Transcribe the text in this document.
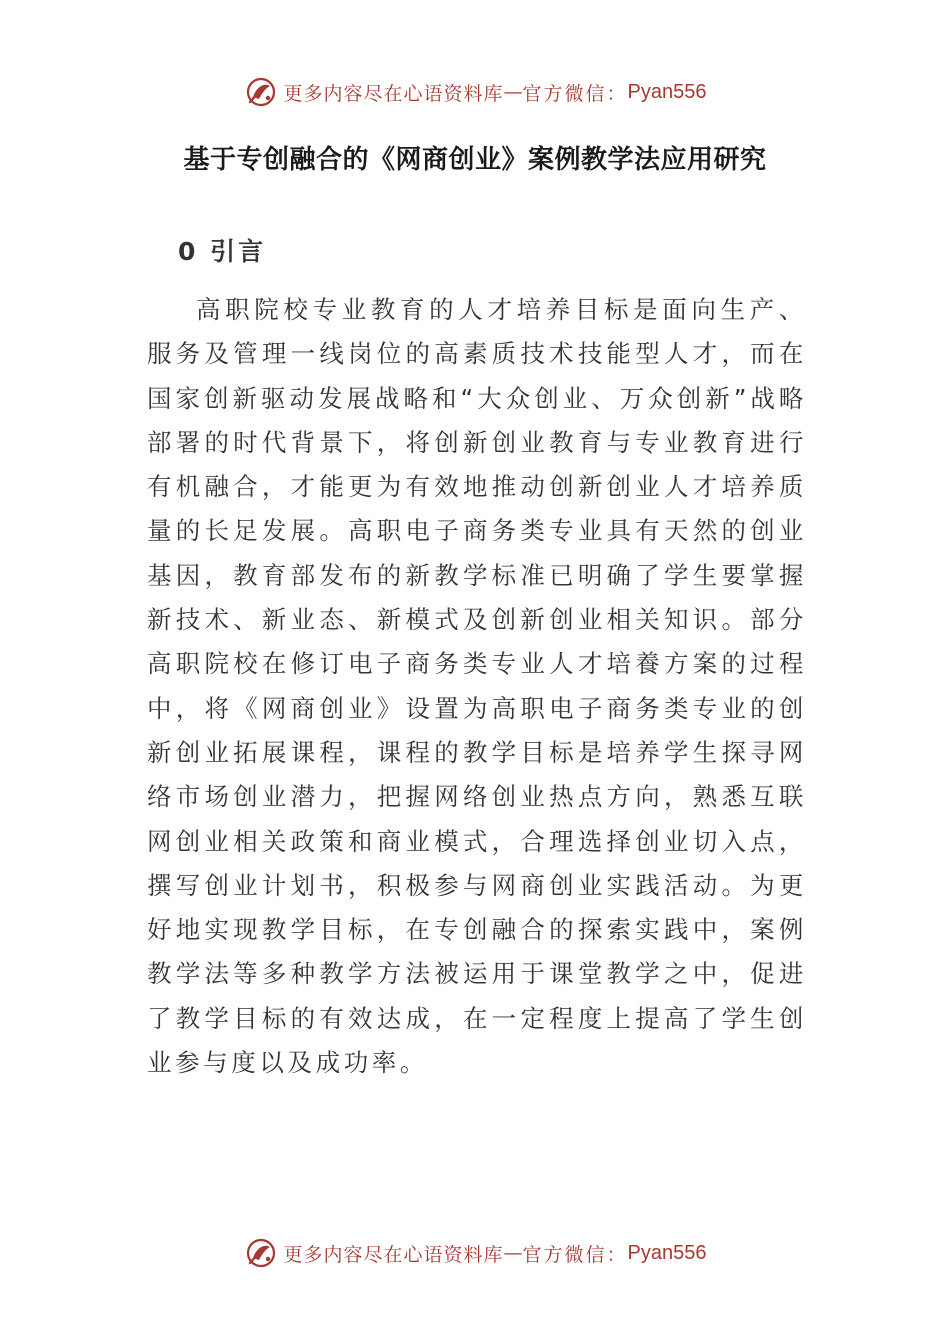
更多内容尽在心语资料库 — 官方微信： Pyan556
基于专创融合的《网商创业》案例教学法应用研究
0 引言

高职院校专业教育的人才培养目标是面向生产、服务及管理一线岗位的高素质技术技能型人才，而在国家创新驱动发展战略和“大众创业、万众创新”战略部署的时代背景下，将创新创业教育与专业教育进行有机融合，才能更为有效地推动创新创业人才培养质量的长足发展。高职电子商务类专业具有天然的创业基因，教育部发布的新教学标准已明确了学生要掌握新技术、新业态、新模式及创新创业相关知识。部分高职院校在修订电子商务类专业人才培養方案的过程中，将《网商创业》设置为高职电子商务类专业的创新创业拓展课程，课程的教学目标是培养学生探寻网络市场创业潜力，把握网络创业热点方向，熟悉互联网创业相关政策和商业模式，合理选择创业切入点，撰写创业计划书，积极参与网商创业实践活动。为更好地实现教学目标，在专创融合的探索实践中，案例教学法等多种教学方法被运用于课堂教学之中，促进了教学目标的有效达成，在一定程度上提高了学生创业参与度以及成功率。

更多内容尽在心语资料库 — 官方微信： Pyan556
